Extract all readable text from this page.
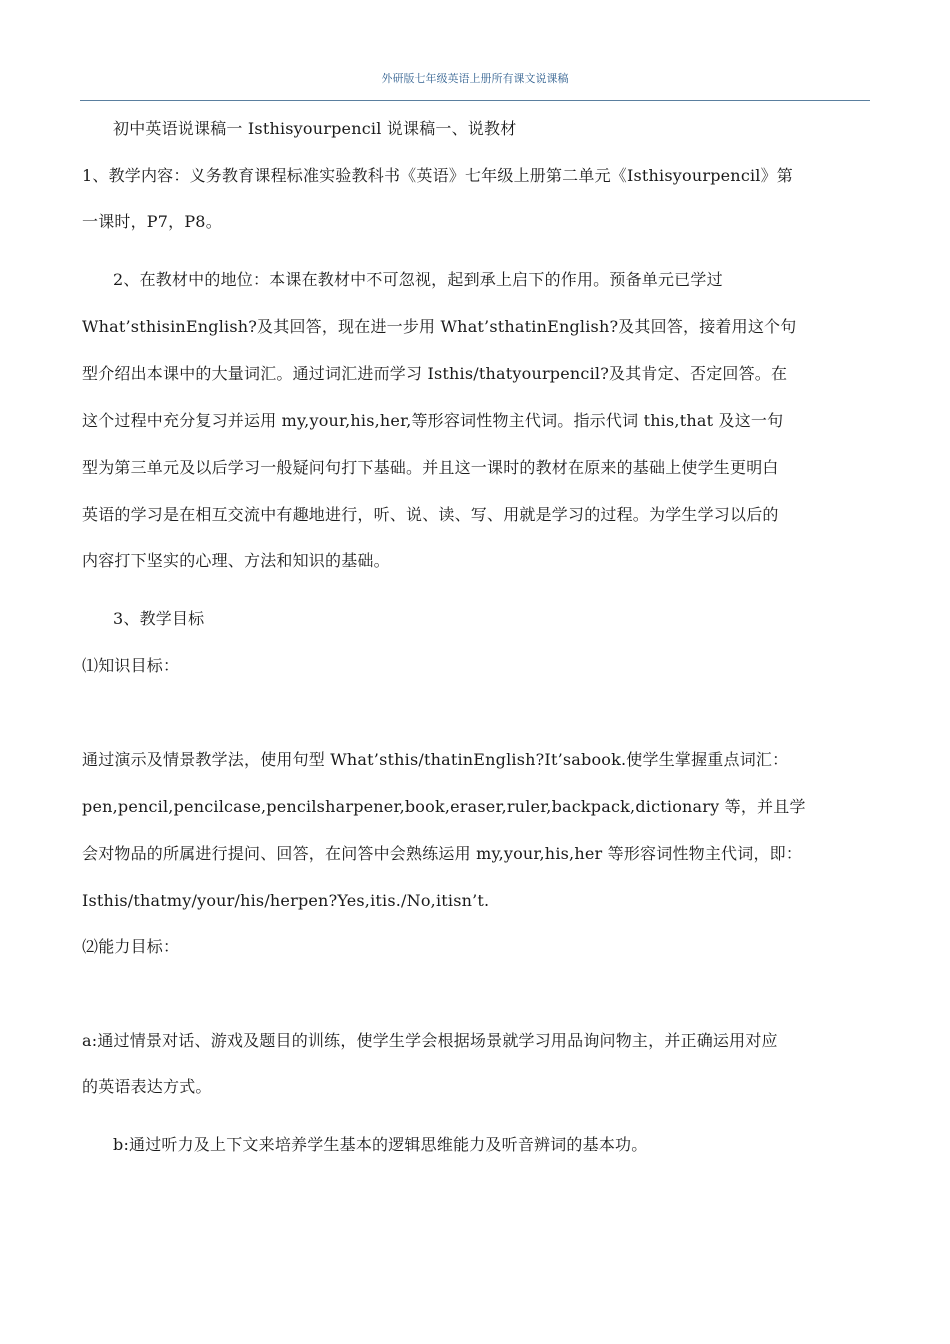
外研版七年级英语上册所有课文说课稿

初中英语说课稿一 Isthisyourpencil 说课稿一、说教材

1、教学内容：义务教育课程标准实验教科书《英语》七年级上册第二单元《Isthisyourpencil》第

一课时，P7，P8。

2、在教材中的地位：本课在教材中不可忽视，起到承上启下的作用。预备单元已学过

What’sthisinEnglish?及其回答，现在进一步用 What’sthatinEnglish?及其回答，接着用这个句

型介绍出本课中的大量词汇。通过词汇进而学习 Isthis/thatyourpencil?及其肯定、否定回答。在

这个过程中充分复习并运用 my,your,his,her,等形容词性物主代词。指示代词 this,that 及这一句

型为第三单元及以后学习一般疑问句打下基础。并且这一课时的教材在原来的基础上使学生更明白

英语的学习是在相互交流中有趣地进行，听、说、读、写、用就是学习的过程。为学生学习以后的

内容打下坚实的心理、方法和知识的基础。

3、教学目标

⑴知识目标：

通过演示及情景教学法，使用句型 What’sthis/thatinEnglish?It’sabook.使学生掌握重点词汇：

pen,pencil,pencilcase,pencilsharpener,book,eraser,ruler,backpack,dictionary 等，并且学

会对物品的所属进行提问、回答，在问答中会熟练运用 my,your,his,her 等形容词性物主代词，即：

Isthis/thatmy/your/his/herpen?Yes,itis./No,itisn’t.

⑵能力目标：

a:通过情景对话、游戏及题目的训练，使学生学会根据场景就学习用品询问物主，并正确运用对应

的英语表达方式。

b:通过听力及上下文来培养学生基本的逻辑思维能力及听音辨词的基本功。
